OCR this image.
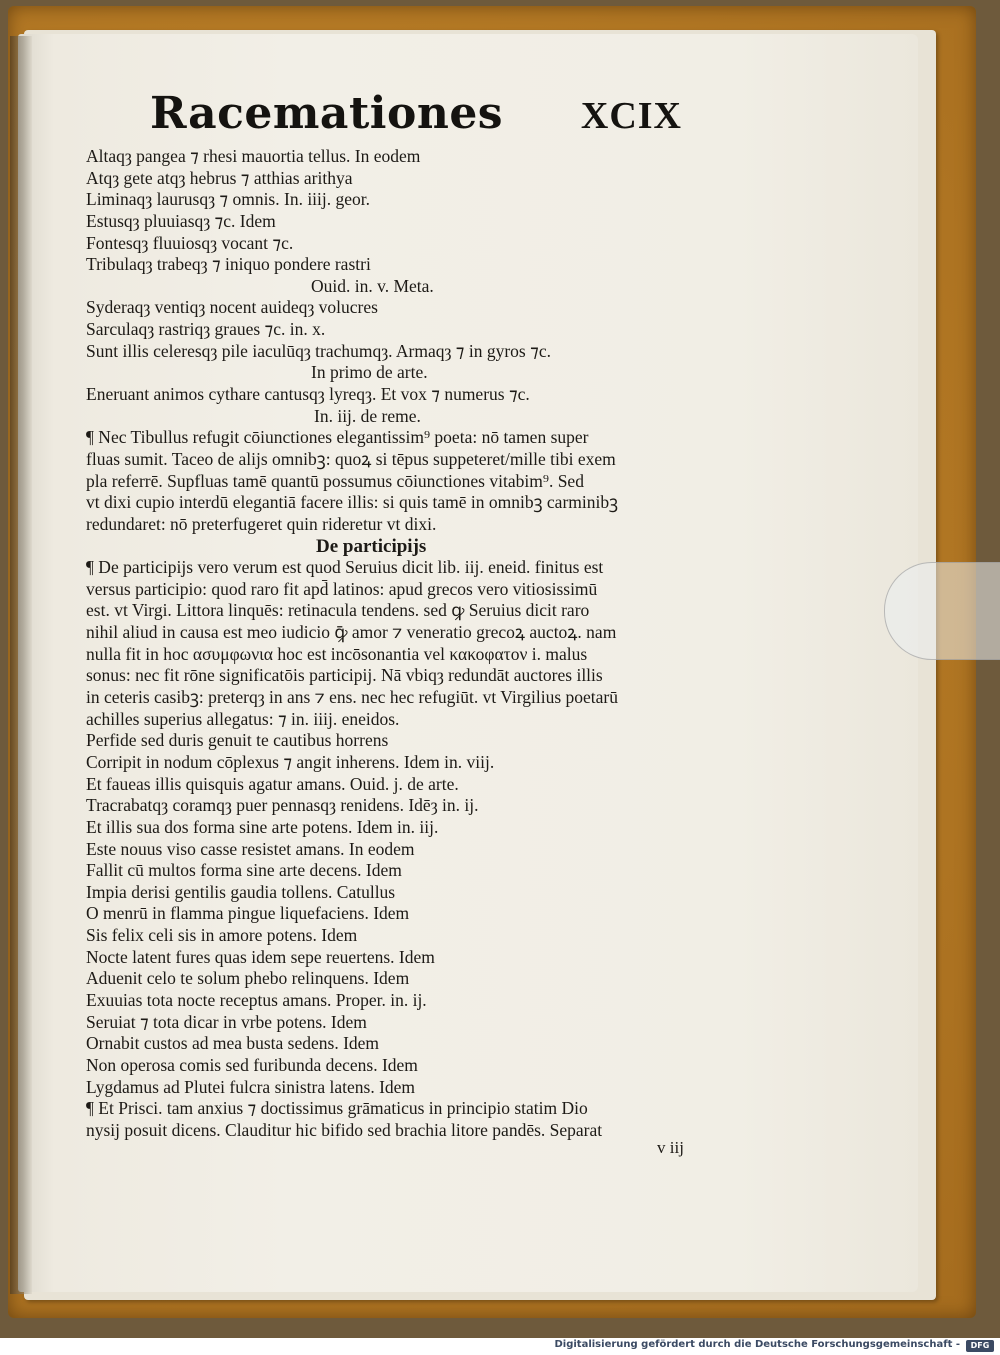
Racemationes XCIX
Altaqȝ pangea ⁊ rhesi mauortia tellus. In eodem
Atqȝ gete atqȝ hebrus ⁊ atthias arithya
Liminaqȝ laurusqȝ ⁊ omnis. In. iiij. geor.
Estusqȝ pluuiasqȝ ⁊c. Idem
Fontesqȝ fluuiosqȝ vocant ⁊c.
Tribulaqȝ trabeqȝ ⁊ iniquo pondere rastri
Ouid. in. v. Meta.
Syderaqȝ ventiqȝ nocent auideqȝ volucres
Sarculaqȝ rastriqȝ graues ⁊c. in. x.
Sunt illis celeresqȝ pile iaculūqȝ trachumqȝ. Armaqȝ ⁊ in gyros ⁊c.
In primo de arte.
Eneruant animos cythare cantusqȝ lyreqȝ. Et vox ⁊ numerus ⁊c.
In. iij. de reme.
¶ Nec Tibullus refugit cōiunctiones elegantissim⁹ poeta: nō tamen super
fluas sumit. Taceo de alijs omnibꝫ: quoꝝ si tēpus suppeteret/mille tibi exem
pla referrē. Supfluas tamē quantū possumus cōiunctiones vitabim⁹. Sed
vt dixi cupio interdū elegantiā facere illis: si quis tamē in omnibꝫ carminibꝫ
redundaret: nō preterfugeret quin rideretur vt dixi.
De participijs
¶ De participijs vero verum est quod Seruius dicit lib. iij. eneid. finitus est
versus participio: quod raro fit apd̄ latinos: apud grecos vero vitiosissimū
est. vt Virgi. Littora linquēs: retinacula tendens. sed ꝙ Seruius dicit raro
nihil aliud in causa est meo iudicio ꝙ̄ amor ⁊ veneratio grecoꝝ auctoꝝ. nam
nulla fit in hoc ασυμφωνια hoc est incōsonantia vel κακοφατον i. malus
sonus: nec fit rōne significatōis participij. Nā vbiqȝ redundāt auctores illis
in ceteris casibꝫ: preterqȝ in ans ⁊ ens. nec hec refugiūt. vt Virgilius poetarū
achilles superius allegatus: ⁊ in. iiij. eneidos.
Perfide sed duris genuit te cautibus horrens
Corripit in nodum cōplexus ⁊ angit inherens. Idem in. viij.
Et faueas illis quisquis agatur amans. Ouid. j. de arte.
Tracrabatqȝ coramqȝ puer pennasqȝ renidens. Idēȝ in. ij.
Et illis sua dos forma sine arte potens. Idem in. iij.
Este nouus viso casse resistet amans. In eodem
Fallit cū multos forma sine arte decens. Idem
Impia derisi gentilis gaudia tollens. Catullus
O menrū in flamma pingue liquefaciens. Idem
Sis felix celi sis in amore potens. Idem
Nocte latent fures quas idem sepe reuertens. Idem
Aduenit celo te solum phebo relinquens. Idem
Exuuias tota nocte receptus amans. Proper. in. ij.
Seruiat ⁊ tota dicar in vrbe potens. Idem
Ornabit custos ad mea busta sedens. Idem
Non operosa comis sed furibunda decens. Idem
Lygdamus ad Plutei fulcra sinistra latens. Idem
¶ Et Prisci. tam anxius ⁊ doctissimus grāmaticus in principio statim Dio
nysij posuit dicens. Clauditur hic bifido sed brachia litore pandēs. Separat
v iij
Digitalisierung gefördert durch die Deutsche Forschungsgemeinschaft -	DFG
